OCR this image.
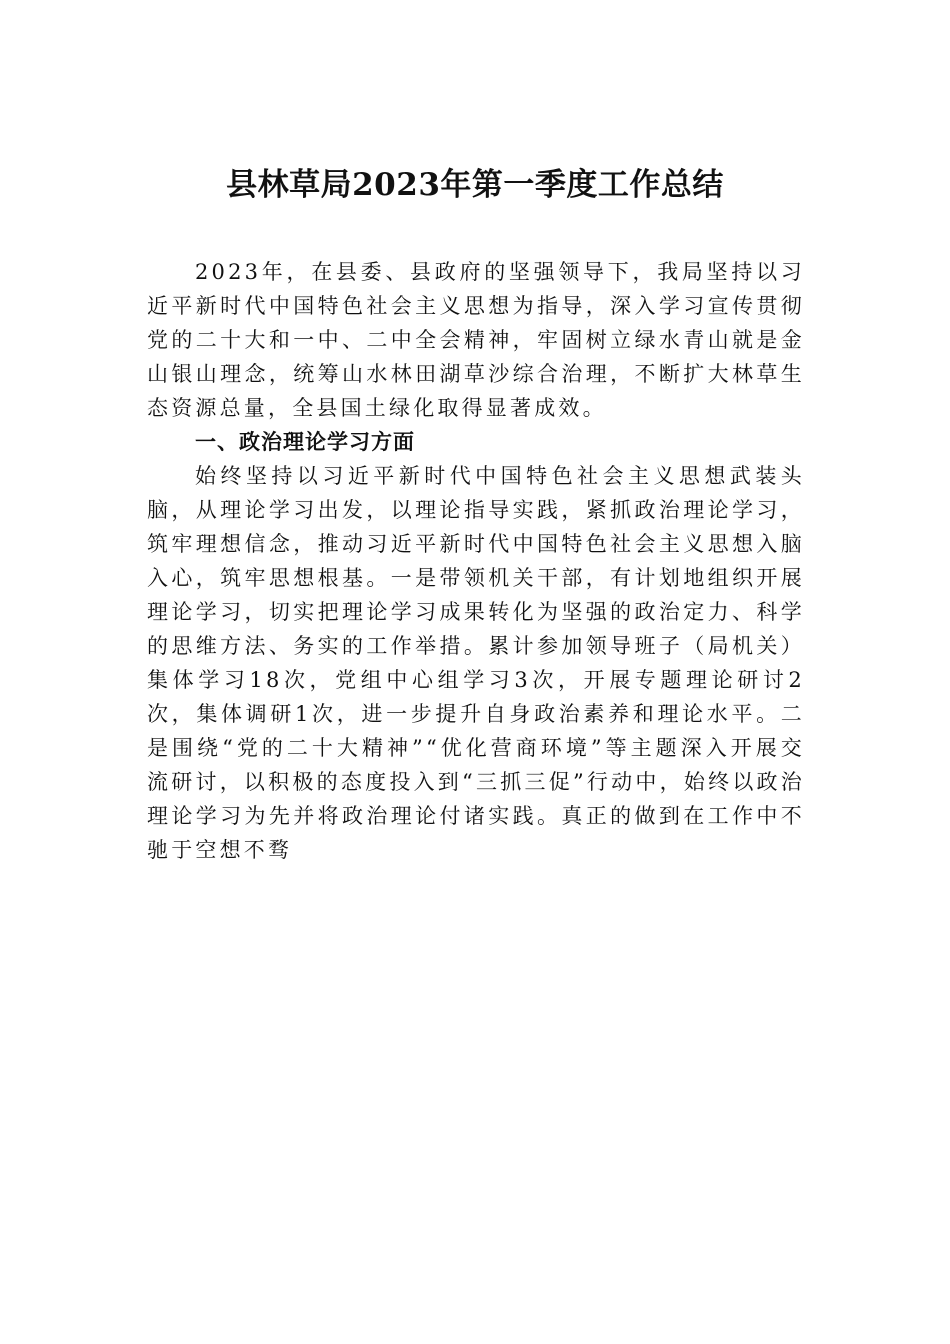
县林草局2023年第一季度工作总结

2023年，在县委、县政府的坚强领导下，我局坚持以习近平新时代中国特色社会主义思想为指导，深入学习宣传贯彻党的二十大和一中、二中全会精神，牢固树立绿水青山就是金山银山理念，统筹山水林田湖草沙综合治理，不断扩大林草生态资源总量，全县国土绿化取得显著成效。

一、政治理论学习方面

始终坚持以习近平新时代中国特色社会主义思想武装头脑，从理论学习出发，以理论指导实践，紧抓政治理论学习，筑牢理想信念，推动习近平新时代中国特色社会主义思想入脑入心，筑牢思想根基。一是带领机关干部，有计划地组织开展理论学习，切实把理论学习成果转化为坚强的政治定力、科学的思维方法、务实的工作举措。累计参加领导班子（局机关）集体学习18次，党组中心组学习3次，开展专题理论研讨2次，集体调研1次，进一步提升自身政治素养和理论水平。二是围绕“党的二十大精神”“优化营商环境”等主题深入开展交流研讨，以积极的态度投入到“三抓三促”行动中，始终以政治理论学习为先并将政治理论付诸实践。真正的做到在工作中不驰于空想不骛
